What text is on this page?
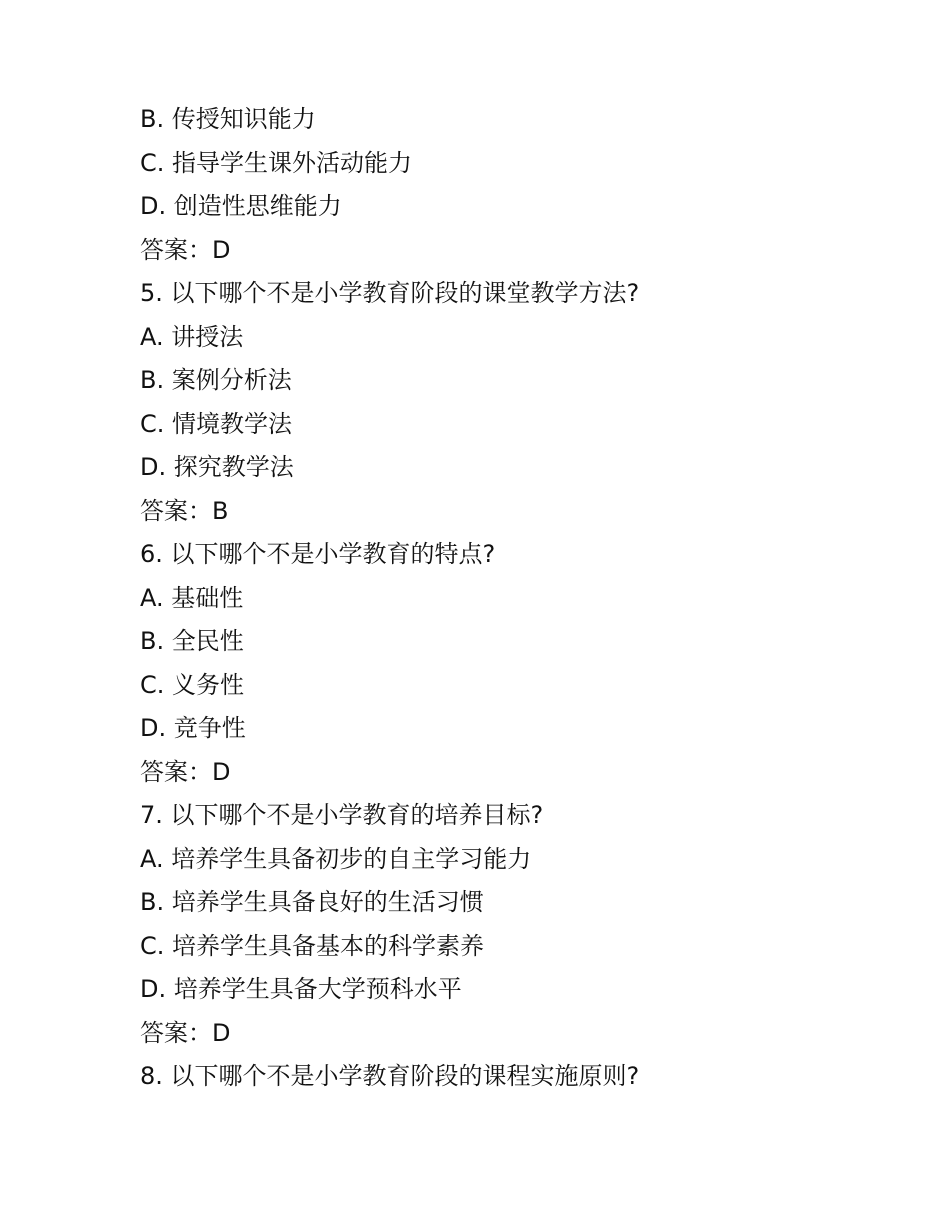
B. 传授知识能力

C. 指导学生课外活动能力

D. 创造性思维能力

答案：D

5. 以下哪个不是小学教育阶段的课堂教学方法?

A. 讲授法

B. 案例分析法

C. 情境教学法

D. 探究教学法

答案：B

6. 以下哪个不是小学教育的特点?

A. 基础性

B. 全民性

C. 义务性

D. 竞争性

答案：D

7. 以下哪个不是小学教育的培养目标?

A. 培养学生具备初步的自主学习能力

B. 培养学生具备良好的生活习惯

C. 培养学生具备基本的科学素养

D. 培养学生具备大学预科水平

答案：D

8. 以下哪个不是小学教育阶段的课程实施原则?
